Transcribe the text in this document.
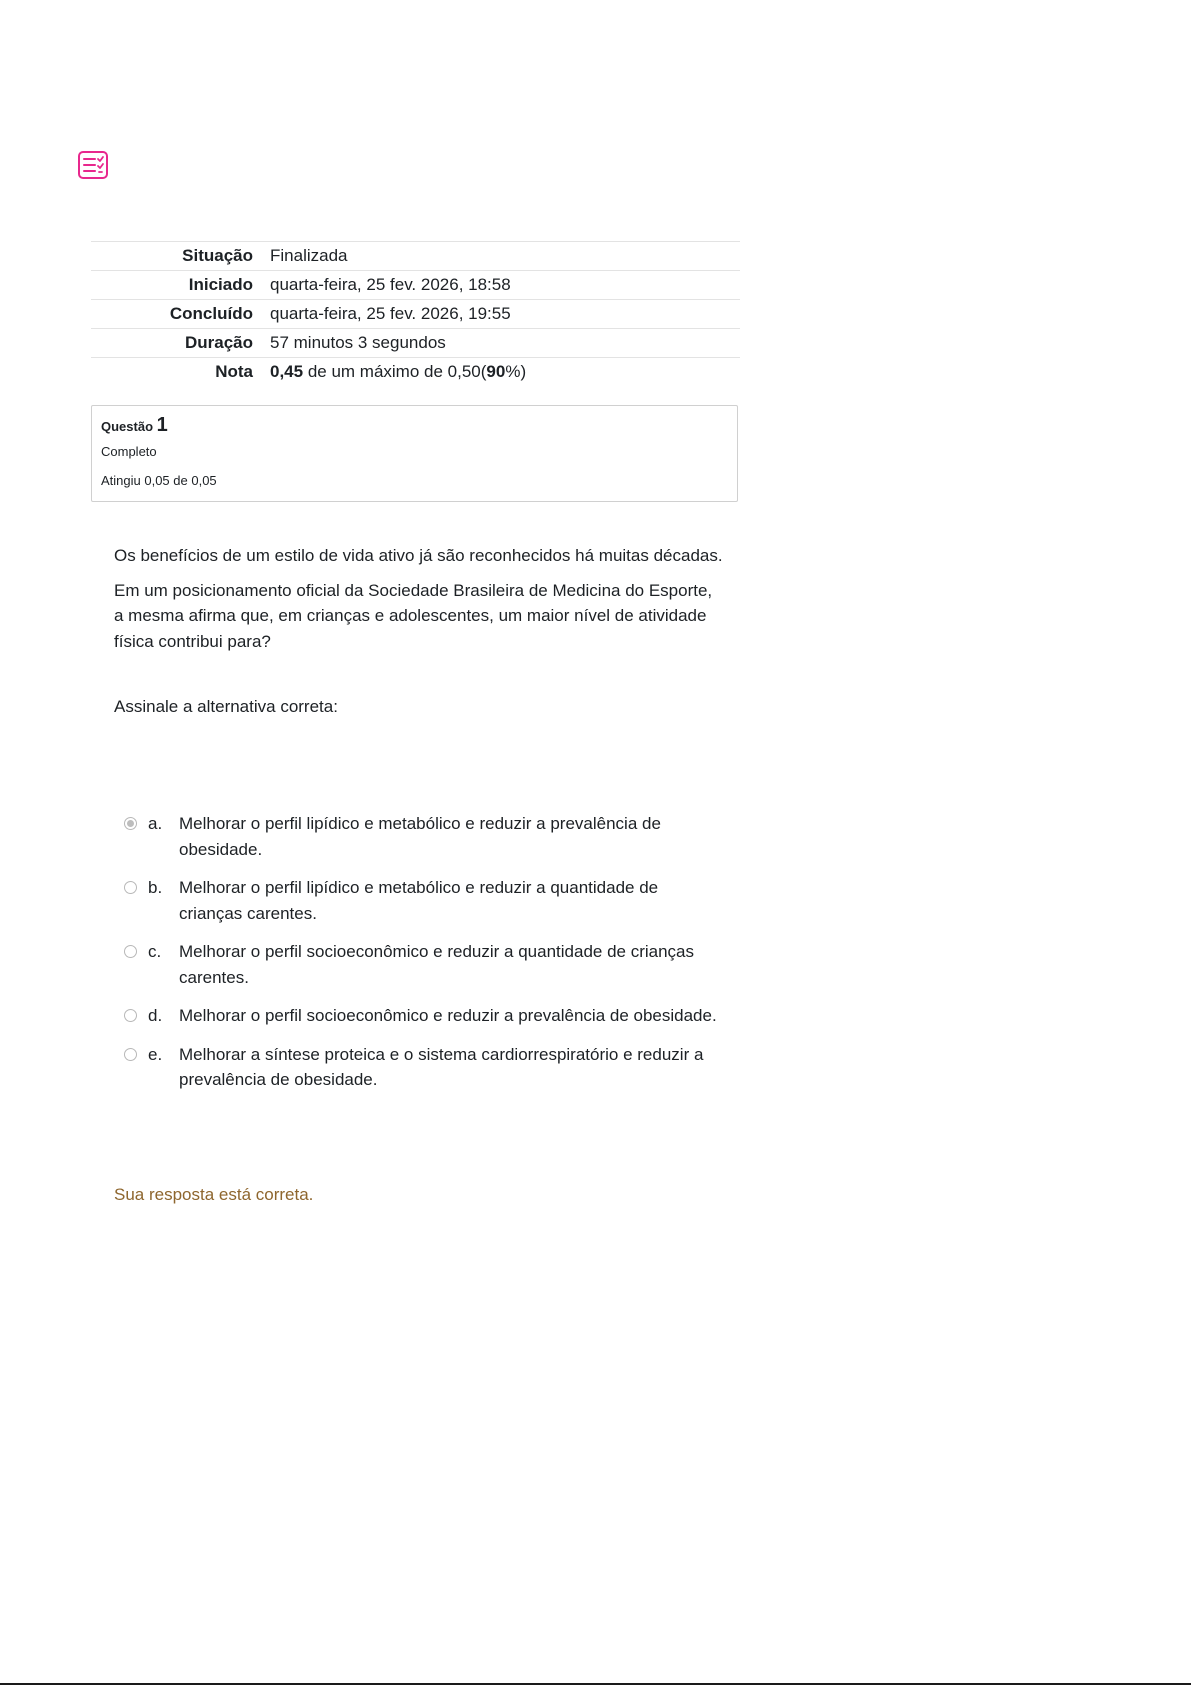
Situação	Finalizada
Iniciado	quarta-feira, 25 fev. 2026, 18:58
Concluído	quarta-feira, 25 fev. 2026, 19:55
Duração	57 minutos 3 segundos
Nota	0,45 de um máximo de 0,50(90%)
Questão 1
Completo
Atingiu 0,05 de 0,05

Os benefícios de um estilo de vida ativo já são reconhecidos há muitas décadas.

Em um posicionamento oficial da Sociedade Brasileira de Medicina do Esporte, a mesma afirma que, em crianças e adolescentes, um maior nível de atividade física contribui para?

Assinale a alternativa correta:

a. Melhorar o perfil lipídico e metabólico e reduzir a prevalência de obesidade.
b. Melhorar o perfil lipídico e metabólico e reduzir a quantidade de crianças carentes.
c.	Melhorar o perfil socioeconômico e reduzir a quantidade de crianças carentes.
d. Melhorar o perfil socioeconômico e reduzir a prevalência de obesidade.
e. Melhorar a síntese proteica e o sistema cardiorrespiratório e reduzir a prevalência de obesidade.
Sua resposta está correta.
